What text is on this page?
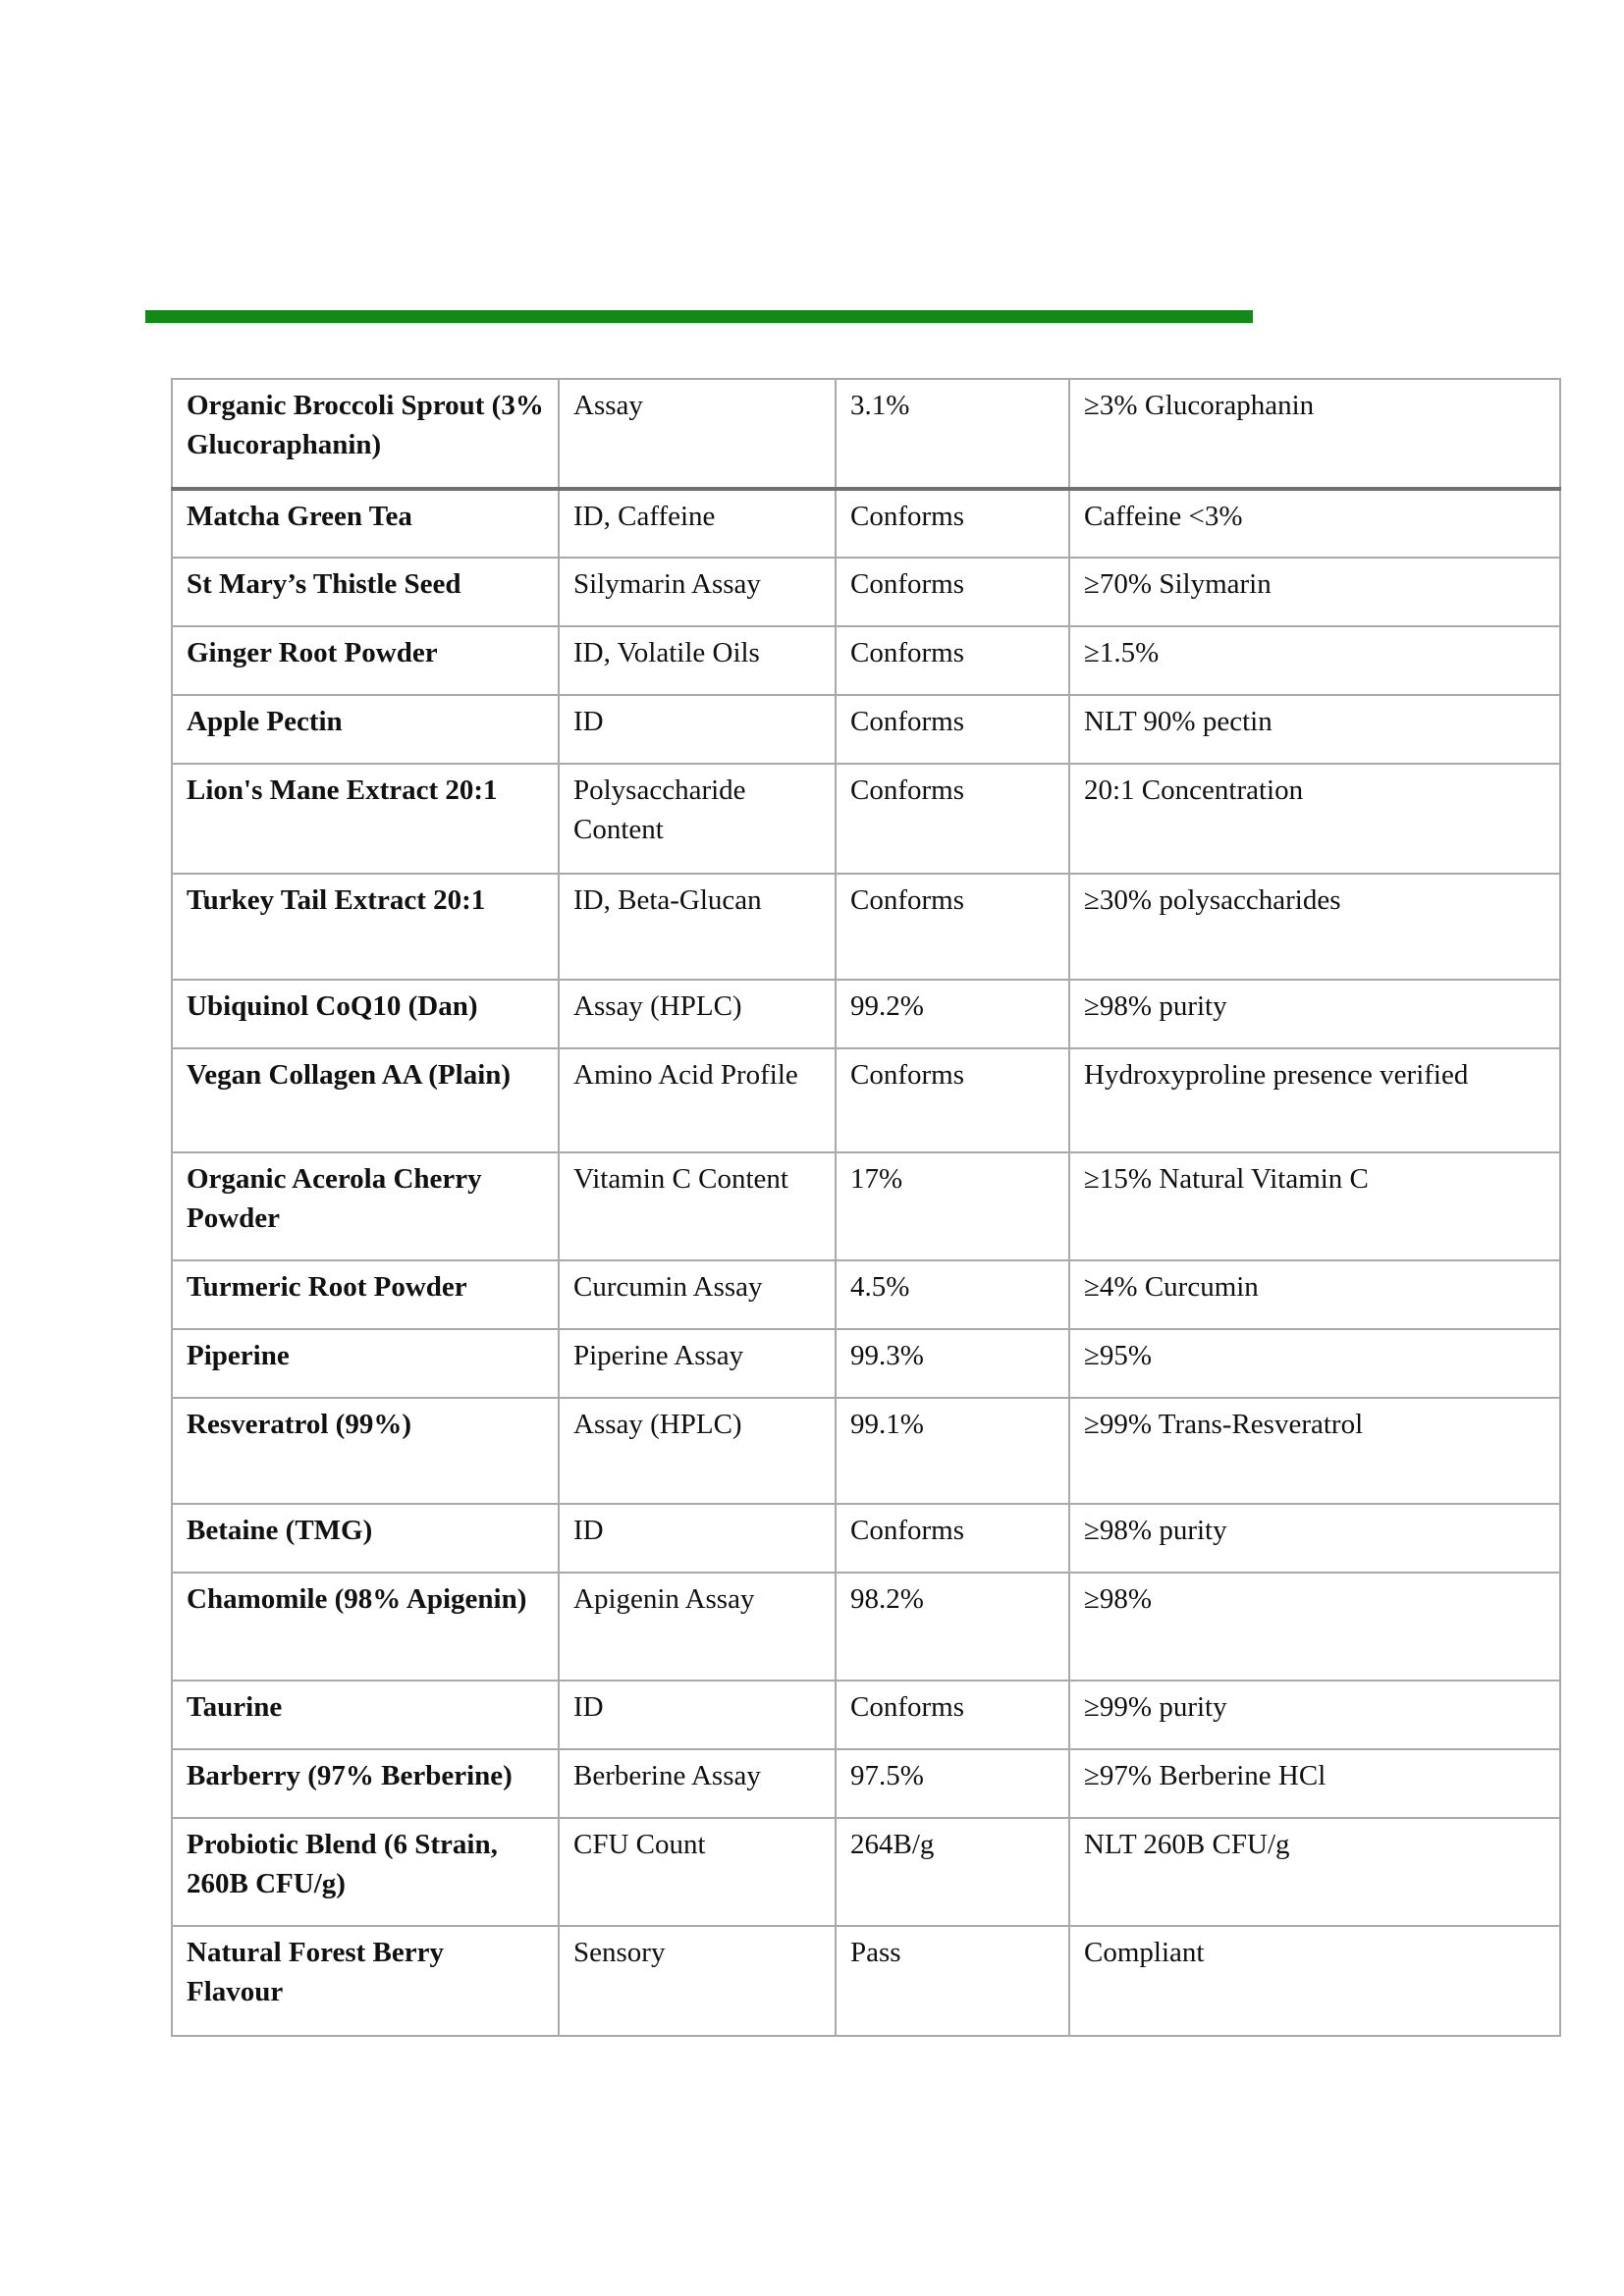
Organic Broccoli Sprout (3% Glucoraphanin)	Assay	3.1%	≥3% Glucoraphanin
Matcha Green Tea	ID, Caffeine	Conforms	Caffeine <3%
St Mary’s Thistle Seed	Silymarin Assay	Conforms	≥70% Silymarin
Ginger Root Powder	ID, Volatile Oils	Conforms	≥1.5%
Apple Pectin	ID	Conforms	NLT 90% pectin
Lion's Mane Extract 20:1	Polysaccharide Content	Conforms	20:1 Concentration
Turkey Tail Extract 20:1	ID, Beta-Glucan	Conforms	≥30% polysaccharides
Ubiquinol CoQ10 (Dan)	Assay (HPLC)	99.2%	≥98% purity
Vegan Collagen AA (Plain)	Amino Acid Profile	Conforms	Hydroxyproline presence verified
Organic Acerola Cherry Powder	Vitamin C Content	17%	≥15% Natural Vitamin C
Turmeric Root Powder	Curcumin Assay	4.5%	≥4% Curcumin
Piperine	Piperine Assay	99.3%	≥95%
Resveratrol (99%)	Assay (HPLC)	99.1%	≥99% Trans-Resveratrol
Betaine (TMG)	ID	Conforms	≥98% purity
Chamomile (98% Apigenin)	Apigenin Assay	98.2%	≥98%
Taurine	ID	Conforms	≥99% purity
Barberry (97% Berberine)	Berberine Assay	97.5%	≥97% Berberine HCl
Probiotic Blend (6 Strain, 260B CFU/g)	CFU Count	264B/g	NLT 260B CFU/g
Natural Forest Berry Flavour	Sensory	Pass	Compliant
